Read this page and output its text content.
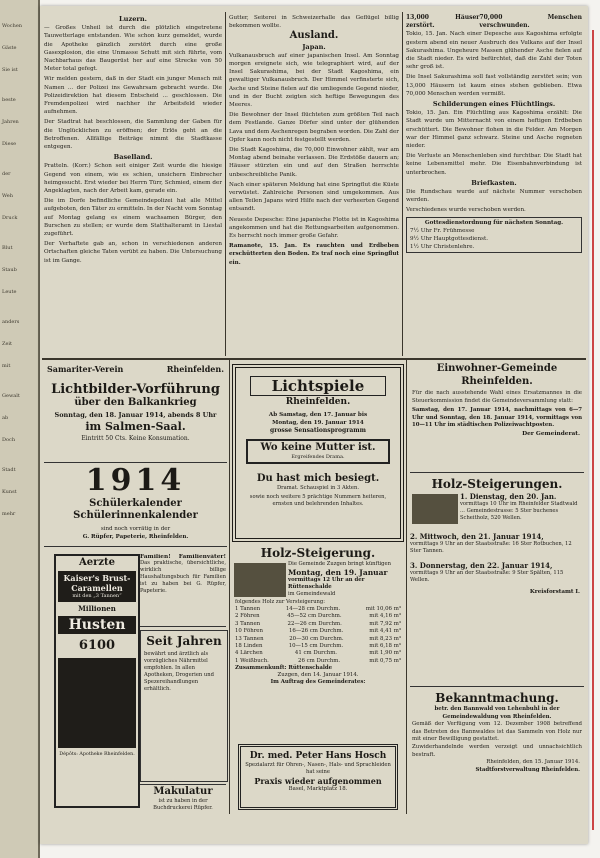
Wochen

Gäste

Sie ist

beste

Jahren

Diese

der

Weh

Druck

Blut

Staub

Leute

anders

Zeit

mit

Gewalt

ab

Doch

Stadt

Kunst

mehr

Luzern.

— Großes Unheil ist durch die plötzlich eingetretene Tauwetterlage entstanden. Wie schon kurz gemeldet, wurde die Apotheke gänzlich zerstört durch eine große Gasexplosion, die eine Unmasse Schutt mit sich führte, vom Nachbarhaus das Baugerüst her auf eine Strecke von 50 Meter total gefegt.

Wir melden gestern, daß in der Stadt ein junger Mensch mit Namen ... der Polizei ins Gewahrsam gebracht wurde. Die Polizeidirektion hat diesem Entscheid ... geschlossen. Die Fremdenpolizei wird nachher ihr Arbeitsfeld wieder aufnehmen.

Der Stadtrat hat beschlossen, die Sammlung der Gaben für die Unglücklichen zu eröffnen; der Erlös geht an die Betroffenen. Allfällige Beiträge nimmt die Stadtkasse entgegen.

Baselland.

Pratteln. (Korr.) Schon seit einiger Zeit wurde die hiesige Gegend von einem, wie es schien, unsichern Einbrecher heimgesucht. Erst wieder bei Herrn Türr, Schmied, einem der Angeklagten, nach der Arbeit kam, gerade ein.

Die im Dorfe befindliche Gemeindepolizei hat alle Mittel aufgeboten, den Täter zu ermitteln. In der Nacht vom Sonntag auf Montag gelang es einem wachsamen Bürger, den Burschen zu stellen; er wurde dem Statthalteramt in Liestal zugeführt.

Der Verhaftete gab an, schon in verschiedenen anderen Ortschaften gleiche Taten verübt zu haben. Die Untersuchung ist im Gange.

Gutter, Seiterei in Schweizerhalle das Geflügel billig bekommen wollte.

Ausland.
Japan.

Vulkanausbruch auf einer japanischen Insel. Am Sonntag morgen ereignete sich, wie telegraphiert wird, auf der Insel Sakurashima, bei der Stadt Kagoshima, ein gewaltiger Vulkanausbruch. Der Himmel verfinsterte sich, Asche und Steine fielen auf die umliegende Gegend nieder, und in der Bucht zeigten sich heftige Bewegungen des Meeres.

Die Bewohner der Insel flüchteten zum größten Teil nach dem Festlande. Ganze Dörfer sind unter der glühenden Lava und dem Aschenregen begraben worden. Die Zahl der Opfer kann noch nicht festgestellt werden.

Die Stadt Kagoshima, die 70,000 Einwohner zählt, war am Montag abend beinahe verlassen. Die Erdstöße dauern an; Häuser stürzten ein und auf den Straßen herrschte unbeschreibliche Panik.

Nach einer späteren Meldung hat eine Springflut die Küste verwüstet. Zahlreiche Personen sind umgekommen. Aus allen Teilen Japans wird Hilfe nach der verheerten Gegend entsandt.

Neueste Depesche: Eine japanische Flotte ist in Kagoshima angekommen und hat die Rettungsarbeiten aufgenommen. Es herrscht noch immer große Gefahr.

Ramanote, 15. Jan. Es rauchten und Erdbeben erschütterten den Boden. Es traf noch eine Springflut ein.

13,000 Häuser zerstört.
70,000 Menschen verschwunden.

Tokio, 15. Jan. Nach einer Depesche aus Kagoshima erfolgte gestern abend ein neuer Ausbruch des Vulkans auf der Insel Sakurashima. Ungeheure Massen glühender Asche fielen auf die Stadt nieder. Es wird befürchtet, daß die Zahl der Toten sehr groß ist.

Die Insel Sakurashima soll fast vollständig zerstört sein; von 13,000 Häusern ist kaum eines stehen geblieben. Etwa 70,000 Menschen werden vermißt.

Schilderungen eines Flüchtlings.

Tokio, 15. Jan. Ein Flüchtling aus Kagoshima erzählt: Die Stadt wurde um Mitternacht von einem heftigen Erdbeben erschüttert. Die Bewohner flohen in die Felder. Am Morgen war der Himmel ganz schwarz. Steine und Asche regneten nieder.

Die Verluste an Menschenleben sind furchtbar. Die Stadt hat keine Lebensmittel mehr. Die Eisenbahnverbindung ist unterbrochen.

Briefkasten.

Die Rundschau wurde auf nächste Nummer verschoben werden.

Verschiedenes wurde verschoben werden.

Gottesdienstordnung für nächsten Sonntag.
7½ Uhr Fr. Frühmesse
9½ Uhr Hauptgottesdienst.
1½ Uhr Christenlehre.
Samariter-Verein	Rheinfelden.
Lichtbilder-Vorführung
über den Balkankrieg
Sonntag, den 18. Januar 1914, abends 8 Uhr
im Salmen-Saal.
Eintritt 50 Cts. Keine Konsumation.
1914
Schülerkalender
Schülerinnenkalender
sind noch vorrätig in der
G. Rüpfer, Papeterie, Rheinfelden.
Aerzte
Kaiser's Brust-
Caramellen
mit den „3 Tannen“
Millionen
Husten
6100
Dépôts: Apotheke Rheinfelden.
Familien! Familienväter!
Das praktische, übersichtliche, wirklich billige Haushaltungsbuch für Familien ist zu haben bei G. Rüpfer, Papeterie.
Seit Jahren
bewährt und ärztlich als vorzügliches Nährmittel empfohlen. In allen Apotheken, Drogerien und Spezereihandlungen erhältlich.
Makulatur
ist zu haben in der Buchdruckerei Rüpfer.
Lichtspiele
Rheinfelden.
Ab Samstag, den 17. Januar bis
Montag, den 19. Januar 1914
grosse Sensationsprogramm
Wo keine Mutter ist.
Ergreifendes Drama.
Du hast mich besiegt.
Dramat. Schauspiel in 3 Akten.
sowie noch weitere 5 prächtige Nummern heiteren, ernsten und belehrenden Inhaltes.
Holz-Steigerung.
Die Gemeinde Zuzgen bringt künftigen
Montag, den 19. Januar
vormittags 12 Uhr an der Rüttenschalde
im Gemeindewald
folgendes Holz zur Versteigerung:
1 Tannen	14—28 cm Durchm.	mit 10,06 m³
2 Föhren	45—52 cm Durchm.	mit 4,16 m³
3 Tannen	22—26 cm Durchm.	mit 7,92 m³
10 Föhren	16—26 cm Durchm.	mit 4,41 m³
13 Tannen	20—30 cm Durchm.	mit 8,23 m³
18 Linden	10—15 cm Durchm.	mit 6,18 m³
4 Lärchen	41 cm Durchm.	mit 1,90 m³
1 Weißbuch.	26 cm Durchm.	mit 0,75 m³
Zusammenkunft: Rüttenschalde
Zuzgen, den 14. Januar 1914.
Im Auftrag des Gemeinderates:
Dr. med. Peter Hans Hosch
Spezialarzt für Ohren-, Nasen-, Hals- und Sprachleiden hat seine
Praxis wieder aufgenommen
Basel, Marktplatz 18.
Einwohner-Gemeinde Rheinfelden.
Für die nach ausstehende Wahl eines Ersatzmannes in die Steuerkommission findet die Gemeindeversammlung statt:
Samstag, den 17. Januar 1914, nachmittags von 6—7 Uhr und Sonntag, den 18. Januar 1914, vormittags von 10—11 Uhr im städtischen Polizeiwachtposten.
Der Gemeinderat.
Holz-Steigerungen.
1. Dienstag, den 20. Jan.
vormittags 10 Uhr im Rheinfelder Stadtwald ... Gemeindestrasse: 5 Ster buchenes Scheitholz, 520 Wellen.
2. Mittwoch, den 21. Januar 1914,
vormittags 9 Uhr an der Staatsstraße: 16 Ster Rotbuchen, 12 Ster Tannen.
3. Donnerstag, den 22. Januar 1914,
vormittags 9 Uhr an der Staatsstraße: 9 Ster Spälten, 115 Wellen.
Kreisforstamt I.
Bekanntmachung.
betr. den Bannwald von Lehenbuhl in der Gemeindewaldung von Rheinfelden.
Gemäß der Verfügung vom 12. Dezember 1908 betreffend das Betreten des Bannwaldes ist das Sammeln von Holz nur mit einer Bewilligung gestattet.
Zuwiderhandelnde werden verzeigt und unnachsichtlich bestraft.
Rheinfelden, den 15. Januar 1914.
Stadtforstverwaltung Rheinfelden.
